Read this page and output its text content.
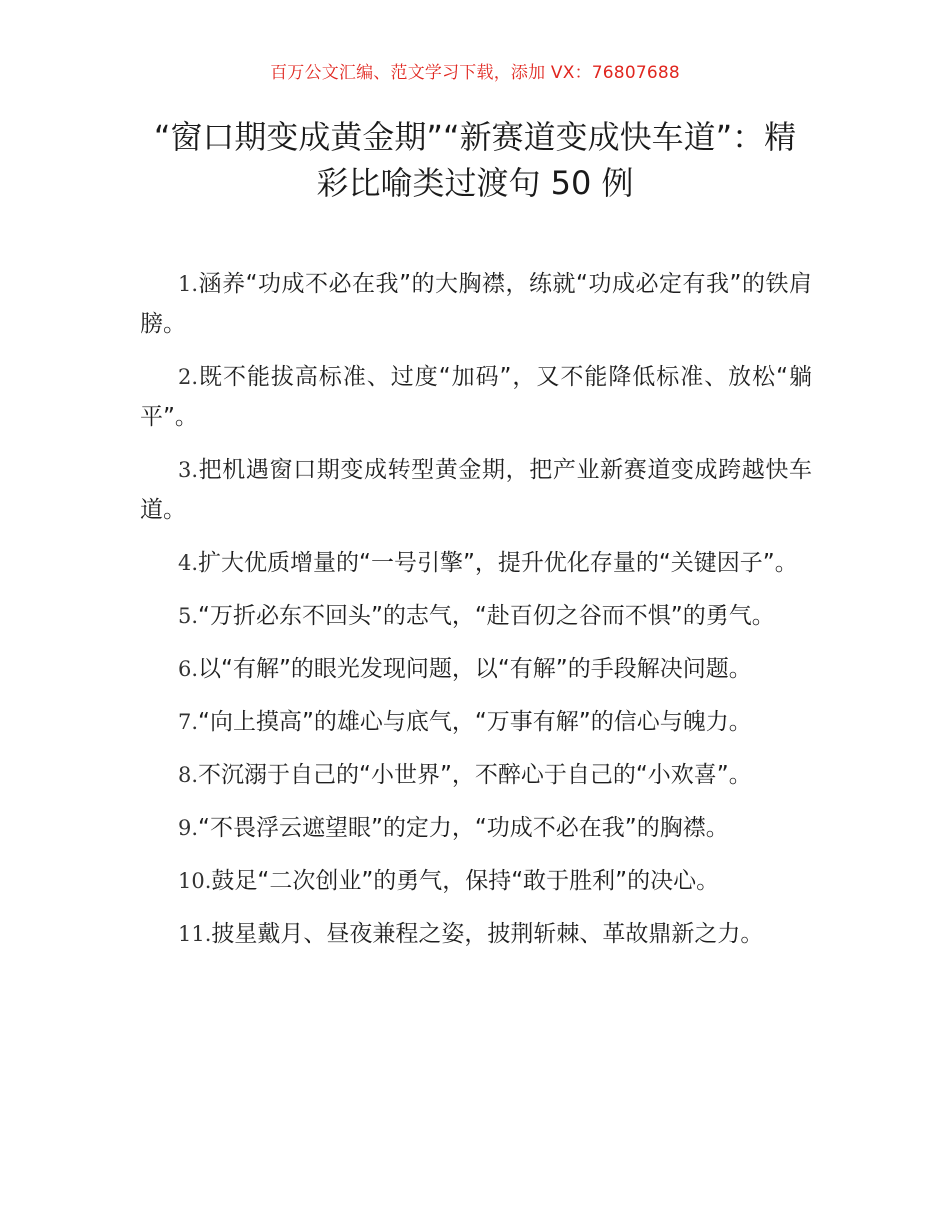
百万公文汇编、范文学习下载，添加 VX：76807688
“窗口期变成黄金期”“新赛道变成快车道”：精彩比喻类过渡句 50 例

1.涵养“功成不必在我”的大胸襟，练就“功成必定有我”的铁肩膀。

2.既不能拔高标准、过度“加码”，又不能降低标准、放松“躺平”。

3.把机遇窗口期变成转型黄金期，把产业新赛道变成跨越快车道。

4.扩大优质增量的“一号引擎”，提升优化存量的“关键因子”。

5.“万折必东不回头”的志气，“赴百仞之谷而不惧”的勇气。

6.以“有解”的眼光发现问题，以“有解”的手段解决问题。

7.“向上摸高”的雄心与底气，“万事有解”的信心与魄力。

8.不沉溺于自己的“小世界”，不醉心于自己的“小欢喜”。

9.“不畏浮云遮望眼”的定力，“功成不必在我”的胸襟。

10.鼓足“二次创业”的勇气，保持“敢于胜利”的决心。

11.披星戴月、昼夜兼程之姿，披荆斩棘、革故鼎新之力。
